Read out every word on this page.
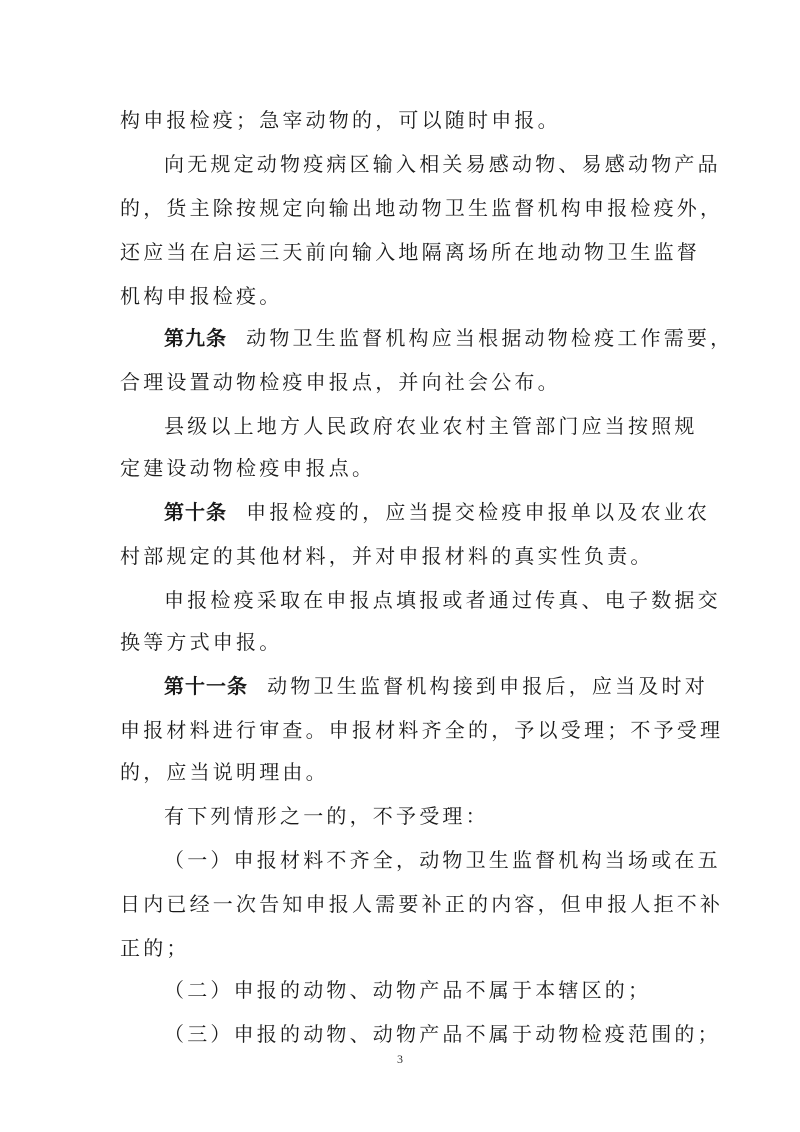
构申报检疫；急宰动物的，可以随时申报。
向无规定动物疫病区输入相关易感动物、易感动物产品
的，货主除按规定向输出地动物卫生监督机构申报检疫外，
还应当在启运三天前向输入地隔离场所在地动物卫生监督
机构申报检疫。
第九条  动物卫生监督机构应当根据动物检疫工作需要，
合理设置动物检疫申报点，并向社会公布。
县级以上地方人民政府农业农村主管部门应当按照规
定建设动物检疫申报点。
第十条  申报检疫的，应当提交检疫申报单以及农业农
村部规定的其他材料，并对申报材料的真实性负责。
申报检疫采取在申报点填报或者通过传真、电子数据交
换等方式申报。
第十一条  动物卫生监督机构接到申报后，应当及时对
申报材料进行审查。申报材料齐全的，予以受理；不予受理
的，应当说明理由。
有下列情形之一的，不予受理：
（一）申报材料不齐全，动物卫生监督机构当场或在五
日内已经一次告知申报人需要补正的内容，但申报人拒不补
正的；
（二）申报的动物、动物产品不属于本辖区的；
（三）申报的动物、动物产品不属于动物检疫范围的；
3
